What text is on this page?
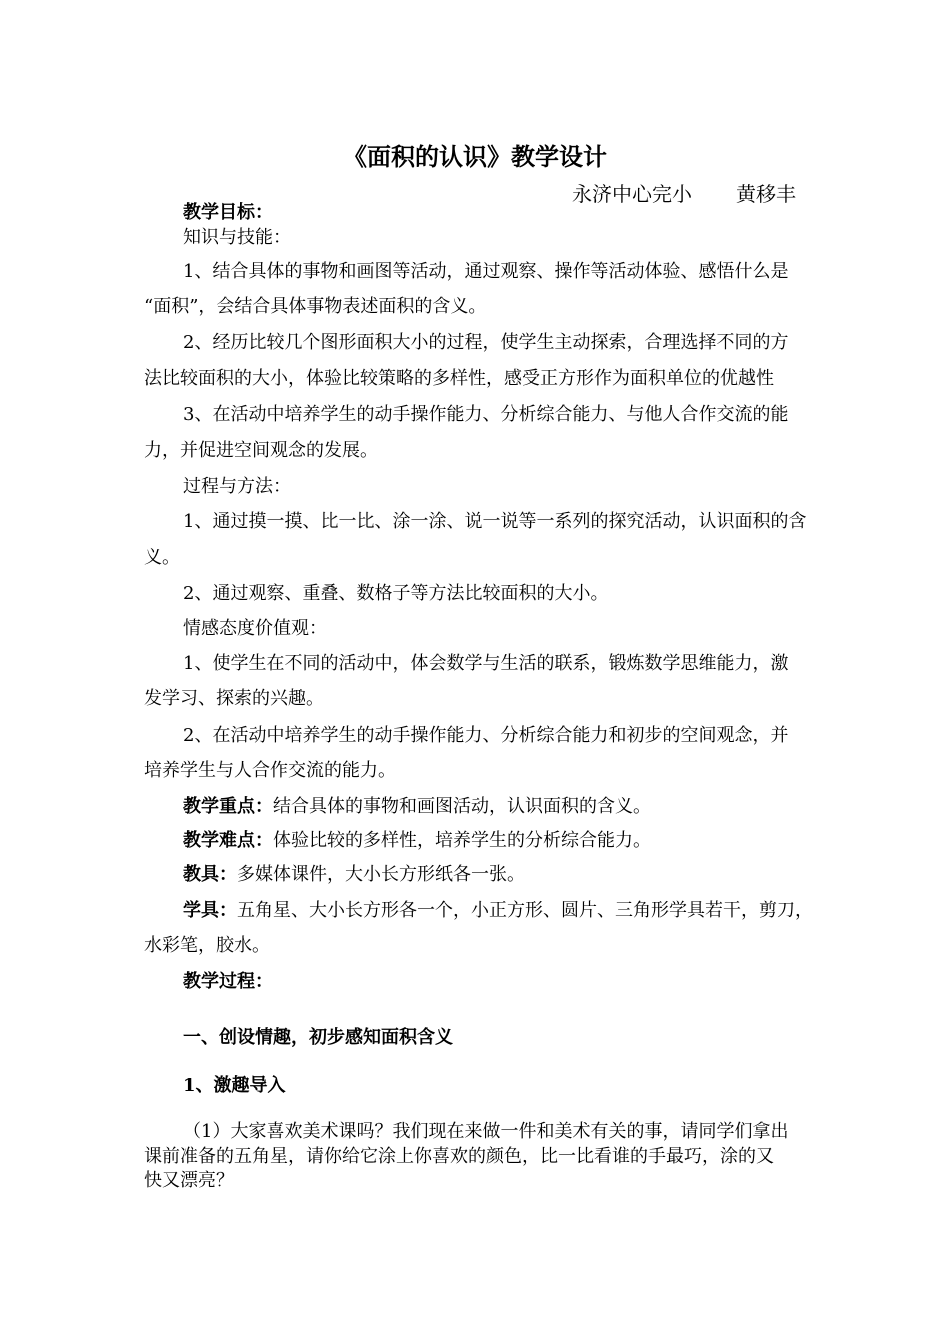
《面积的认识》教学设计
永济中心完小 黄移丰
教学目标：
知识与技能：
1、结合具体的事物和画图等活动，通过观察、操作等活动体验、感悟什么是
“面积”，会结合具体事物表述面积的含义。
2、经历比较几个图形面积大小的过程，使学生主动探索，合理选择不同的方
法比较面积的大小，体验比较策略的多样性，感受正方形作为面积单位的优越性
3、在活动中培养学生的动手操作能力、分析综合能力、与他人合作交流的能
力，并促进空间观念的发展。
过程与方法：
1、通过摸一摸、比一比、涂一涂、说一说等一系列的探究活动，认识面积的含
义。
2、通过观察、重叠、数格子等方法比较面积的大小。
情感态度价值观：
1、使学生在不同的活动中，体会数学与生活的联系，锻炼数学思维能力，激
发学习、探索的兴趣。
2、在活动中培养学生的动手操作能力、分析综合能力和初步的空间观念，并
培养学生与人合作交流的能力。
教学重点：结合具体的事物和画图活动，认识面积的含义。
教学难点：体验比较的多样性，培养学生的分析综合能力。
教具：多媒体课件，大小长方形纸各一张。
学具：五角星、大小长方形各一个，小正方形、圆片、三角形学具若干，剪刀，
水彩笔，胶水。
教学过程：
一、创设情趣，初步感知面积含义
1、激趣导入
（1）大家喜欢美术课吗？我们现在来做一件和美术有关的事，请同学们拿出
课前准备的五角星，请你给它涂上你喜欢的颜色，比一比看谁的手最巧，涂的又
快又漂亮？
